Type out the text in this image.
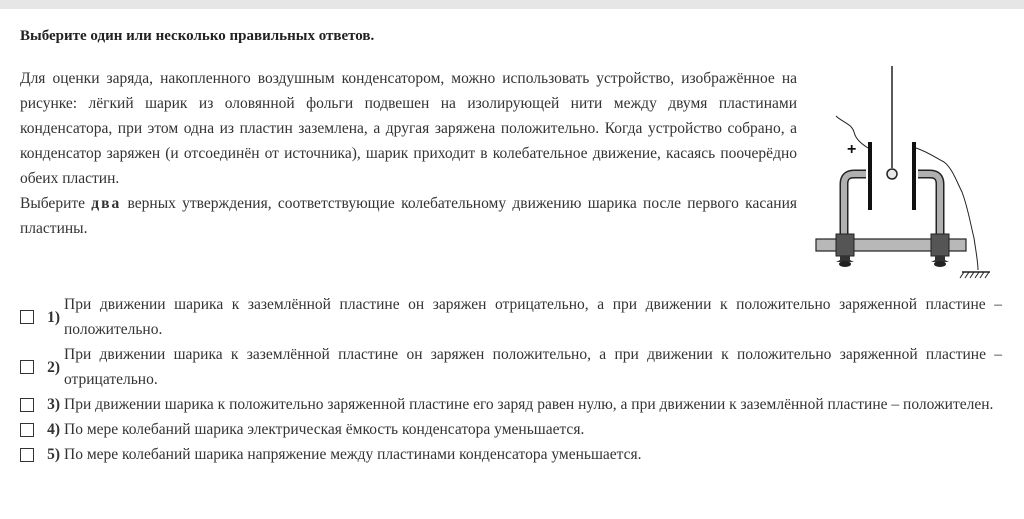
Выберите один или несколько правильных ответов.

Для оценки заряда, накопленного воздушным конденсатором, можно использовать устройство, изображённое на рисунке: лёгкий шарик из оловянной фольги подвешен на изолирующей нити между двумя пластинами конденсатора, при этом одна из пластин заземлена, а другая заряжена положительно. Когда устройство собрано, а конденсатор заряжен (и отсоединён от источника), шарик приходит в колебательное движение, касаясь поочерёдно обеих пластин.

Выберите два верных утверждения, соответствующие колебательному движению шарика после первого касания пластины.

+
1)
При движении шарика к заземлённой пластине он заряжен отрицательно, а при движении к положительно заряженной пластине – положительно.
2)
При движении шарика к заземлённой пластине он заряжен положительно, а при движении к положительно заряженной пластине – отрицательно.
3) При движении шарика к положительно заряженной пластине его заряд равен нулю, а при движении к заземлённой пластине – положителен.
4) По мере колебаний шарика электрическая ёмкость конденсатора уменьшается.
5) По мере колебаний шарика напряжение между пластинами конденсатора уменьшается.
